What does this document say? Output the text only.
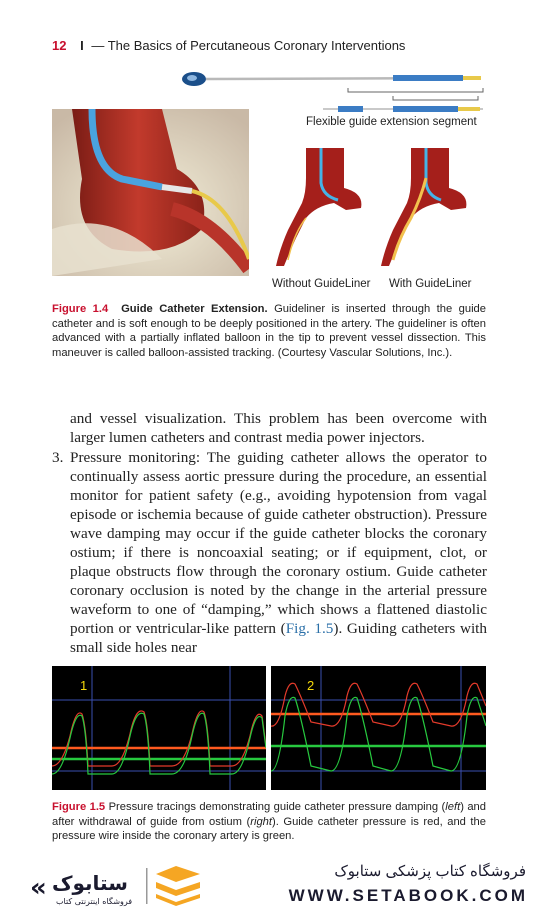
12 I — The Basics of Percutaneous Coronary Interventions
Flexible guide extension segment
Without GuideLiner With GuideLiner
Figure 1.4 Guide Catheter Extension. Guideliner is inserted through the guide catheter and is soft enough to be deeply positioned in the artery. The guideliner is often advanced with a partially inflated balloon in the tip to prevent vessel dissection. This maneuver is called balloon-assisted tracking. (Courtesy Vascular Solutions, Inc.).
and vessel visualization. This problem has been overcome with larger lumen catheters and contrast media power injectors.
3. Pressure monitoring: The guiding catheter allows the operator to continually assess aortic pressure during the procedure, an essential monitor for patient safety (e.g., avoiding hypotension from vagal episode or ischemia because of guide catheter obstruction). Pressure wave damping may occur if the guide catheter blocks the coronary ostium; if there is noncoaxial seating; or if equipment, clot, or plaque obstructs flow through the coronary ostium. Guide catheter coronary occlusion is noted by the change in the arterial pressure waveform to one of “damping,” which shows a flattened diastolic portion or ventricular-like pattern (Fig. 1.5). Guiding catheters with small side holes near
1	2
Figure 1.5 Pressure tracings demonstrating guide catheter pressure damping (left) and after withdrawal of guide from ostium (right). Guide catheter pressure is red, and the pressure wire inside the coronary artery is green.
« ستابوک
فروشگاه اینترنتی کتاب
فروشگاه کتاب پزشکی ستابوک
WWW.SETABOOK.COM
